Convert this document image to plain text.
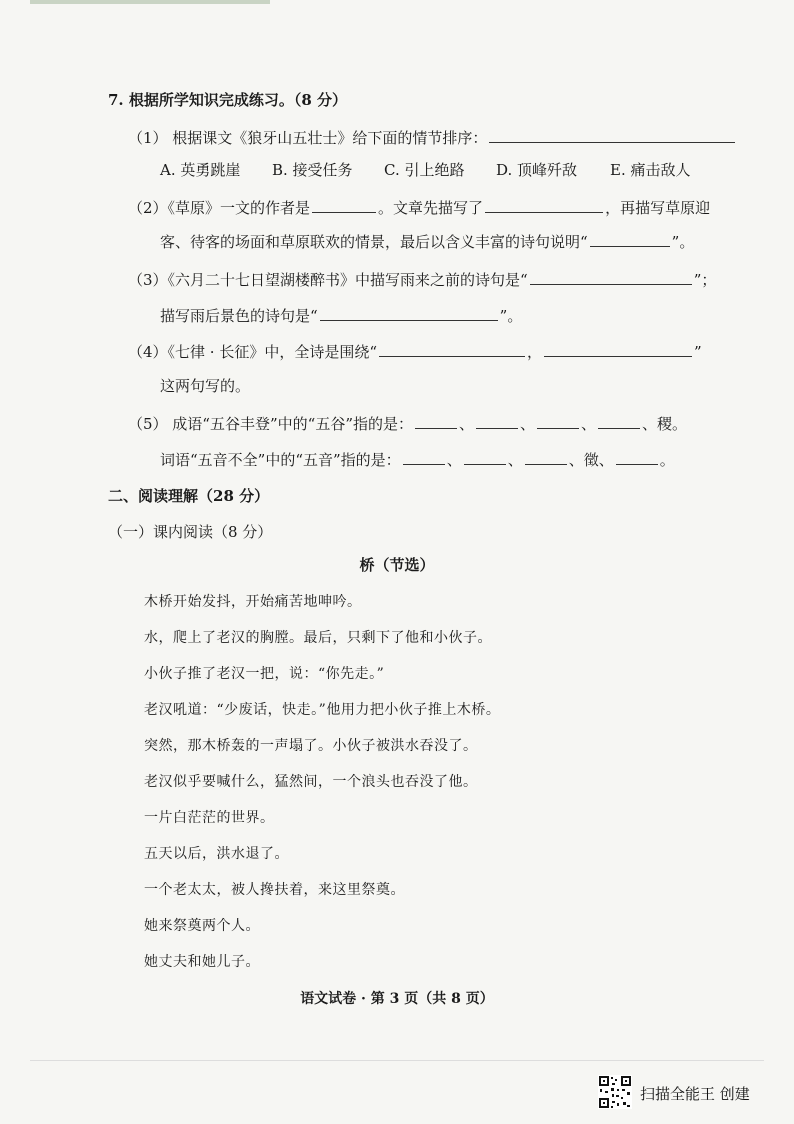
7. 根据所学知识完成练习。（8 分）
（1） 根据课文《狼牙山五壮士》给下面的情节排序：
A. 英勇跳崖 B. 接受任务 C. 引上绝路 D. 顶峰歼敌 E. 痛击敌人
（2）《草原》一文的作者是	。文章先描写了	，再描写草原迎
客、待客的场面和草原联欢的情景，最后以含义丰富的诗句说明“	”。
（3）《六月二十七日望湖楼醉书》中描写雨来之前的诗句是“	”；
描写雨后景色的诗句是“	”。
（4）《七律 · 长征》中，全诗是围绕“	，	”
这两句写的。
（5） 成语“五谷丰登”中的“五谷”指的是：	、	、	、	、稷。
词语“五音不全”中的“五音”指的是：	、	、	、徵、	。
二、阅读理解（28 分）
（一）课内阅读（8 分）
桥（节选）
木桥开始发抖，开始痛苦地呻吟。
水，爬上了老汉的胸膛。最后，只剩下了他和小伙子。
小伙子推了老汉一把，说：“你先走。”
老汉吼道：“少废话，快走。”他用力把小伙子推上木桥。
突然，那木桥轰的一声塌了。小伙子被洪水吞没了。
老汉似乎要喊什么，猛然间，一个浪头也吞没了他。
一片白茫茫的世界。
五天以后，洪水退了。
一个老太太，被人搀扶着，来这里祭奠。
她来祭奠两个人。
她丈夫和她儿子。
语文试卷 · 第 3 页（共 8 页）
扫描全能王 创建
